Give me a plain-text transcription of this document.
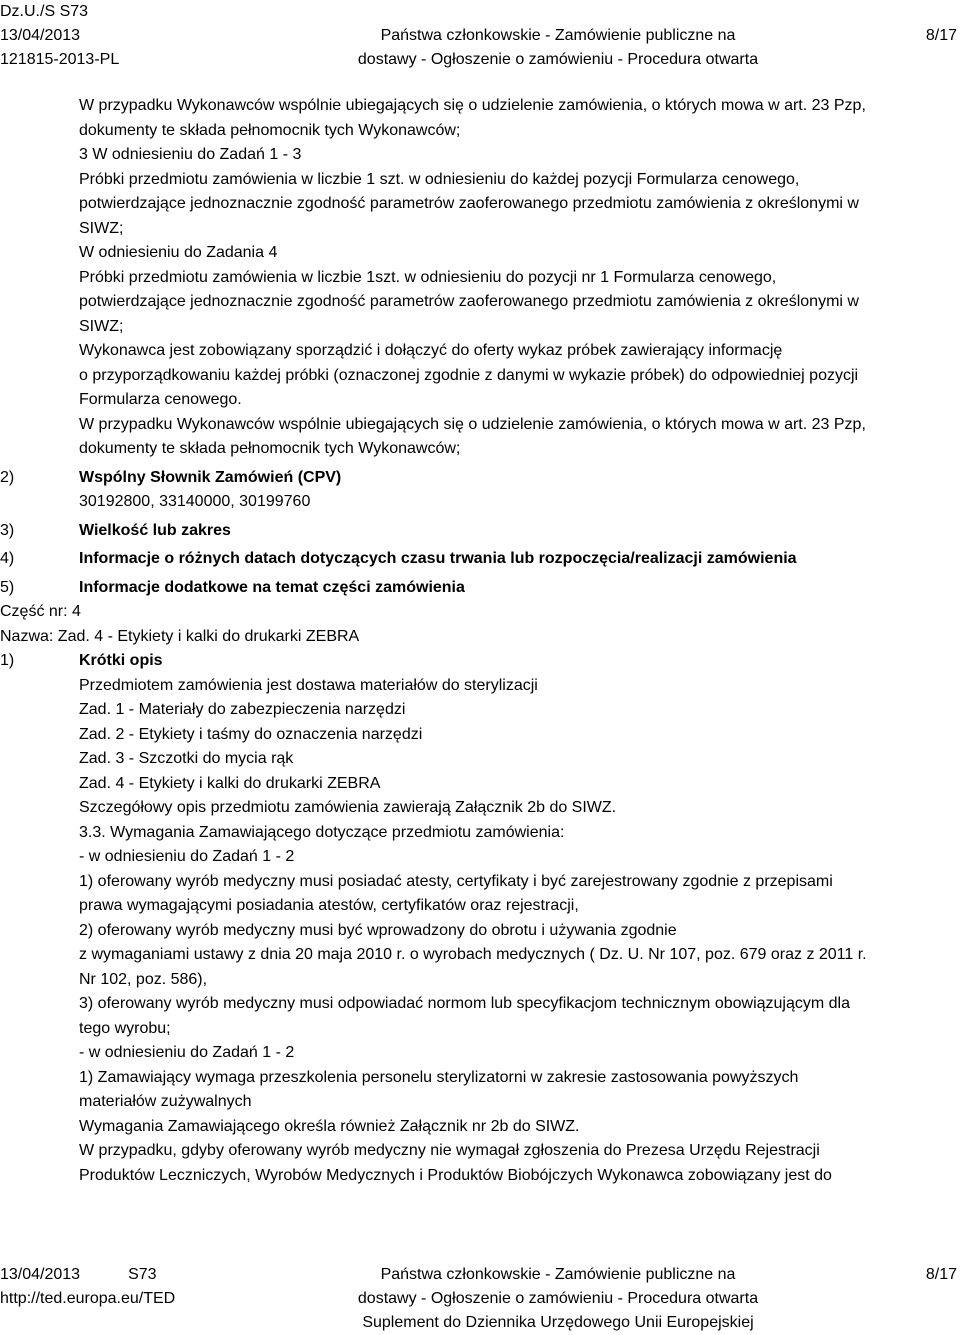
Dz.U./S S73
13/04/2013
121815-2013-PL
Państwa członkowskie - Zamówienie publiczne na
dostawy - Ogłoszenie o zamówieniu - Procedura otwarta
8/17
W przypadku Wykonawców wspólnie ubiegających się o udzielenie zamówienia, o których mowa w art. 23 Pzp,
dokumenty te składa pełnomocnik tych Wykonawców;
3 W odniesieniu do Zadań 1 - 3
Próbki przedmiotu zamówienia w liczbie 1 szt. w odniesieniu do każdej pozycji Formularza cenowego,
potwierdzające jednoznacznie zgodność parametrów zaoferowanego przedmiotu zamówienia z określonymi w
SIWZ;
W odniesieniu do Zadania 4
Próbki przedmiotu zamówienia w liczbie 1szt. w odniesieniu do pozycji nr 1 Formularza cenowego,
potwierdzające jednoznacznie zgodność parametrów zaoferowanego przedmiotu zamówienia z określonymi w
SIWZ;
Wykonawca jest zobowiązany sporządzić i dołączyć do oferty wykaz próbek zawierający informację
o przyporządkowaniu każdej próbki (oznaczonej zgodnie z danymi w wykazie próbek) do odpowiedniej pozycji
Formularza cenowego.
W przypadku Wykonawców wspólnie ubiegających się o udzielenie zamówienia, o których mowa w art. 23 Pzp,
dokumenty te składa pełnomocnik tych Wykonawców;
2)	Wspólny Słownik Zamówień (CPV)
30192800, 33140000, 30199760
3)	Wielkość lub zakres
4)	Informacje o różnych datach dotyczących czasu trwania lub rozpoczęcia/realizacji zamówienia
5)	Informacje dodatkowe na temat części zamówienia
Część nr: 4
Nazwa: Zad. 4 - Etykiety i kalki do drukarki ZEBRA
1)	Krótki opis
Przedmiotem zamówienia jest dostawa materiałów do sterylizacji
Zad. 1 - Materiały do zabezpieczenia narzędzi
Zad. 2 - Etykiety i taśmy do oznaczenia narzędzi
Zad. 3 - Szczotki do mycia rąk
Zad. 4 - Etykiety i kalki do drukarki ZEBRA
Szczegółowy opis przedmiotu zamówienia zawierają Załącznik 2b do SIWZ.
3.3. Wymagania Zamawiającego dotyczące przedmiotu zamówienia:
- w odniesieniu do Zadań 1 - 2
1) oferowany wyrób medyczny musi posiadać atesty, certyfikaty i być zarejestrowany zgodnie z przepisami
prawa wymagającymi posiadania atestów, certyfikatów oraz rejestracji,
2) oferowany wyrób medyczny musi być wprowadzony do obrotu i używania zgodnie
z wymaganiami ustawy z dnia 20 maja 2010 r. o wyrobach medycznych ( Dz. U. Nr 107, poz. 679 oraz z 2011 r.
Nr 102, poz. 586),
3) oferowany wyrób medyczny musi odpowiadać normom lub specyfikacjom technicznym obowiązującym dla
tego wyrobu;
- w odniesieniu do Zadań 1 - 2
1) Zamawiający wymaga przeszkolenia personelu sterylizatorni w zakresie zastosowania powyższych
materiałów zużywalnych
Wymagania Zamawiającego określa również Załącznik nr 2b do SIWZ.
W przypadku, gdyby oferowany wyrób medyczny nie wymagał zgłoszenia do Prezesa Urzędu Rejestracji
Produktów Leczniczych, Wyrobów Medycznych i Produktów Biobójczych Wykonawca zobowiązany jest do
13/04/2013	S73
http://ted.europa.eu/TED
Państwa członkowskie - Zamówienie publiczne na
dostawy - Ogłoszenie o zamówieniu - Procedura otwarta
Suplement do Dziennika Urzędowego Unii Europejskiej
8/17
